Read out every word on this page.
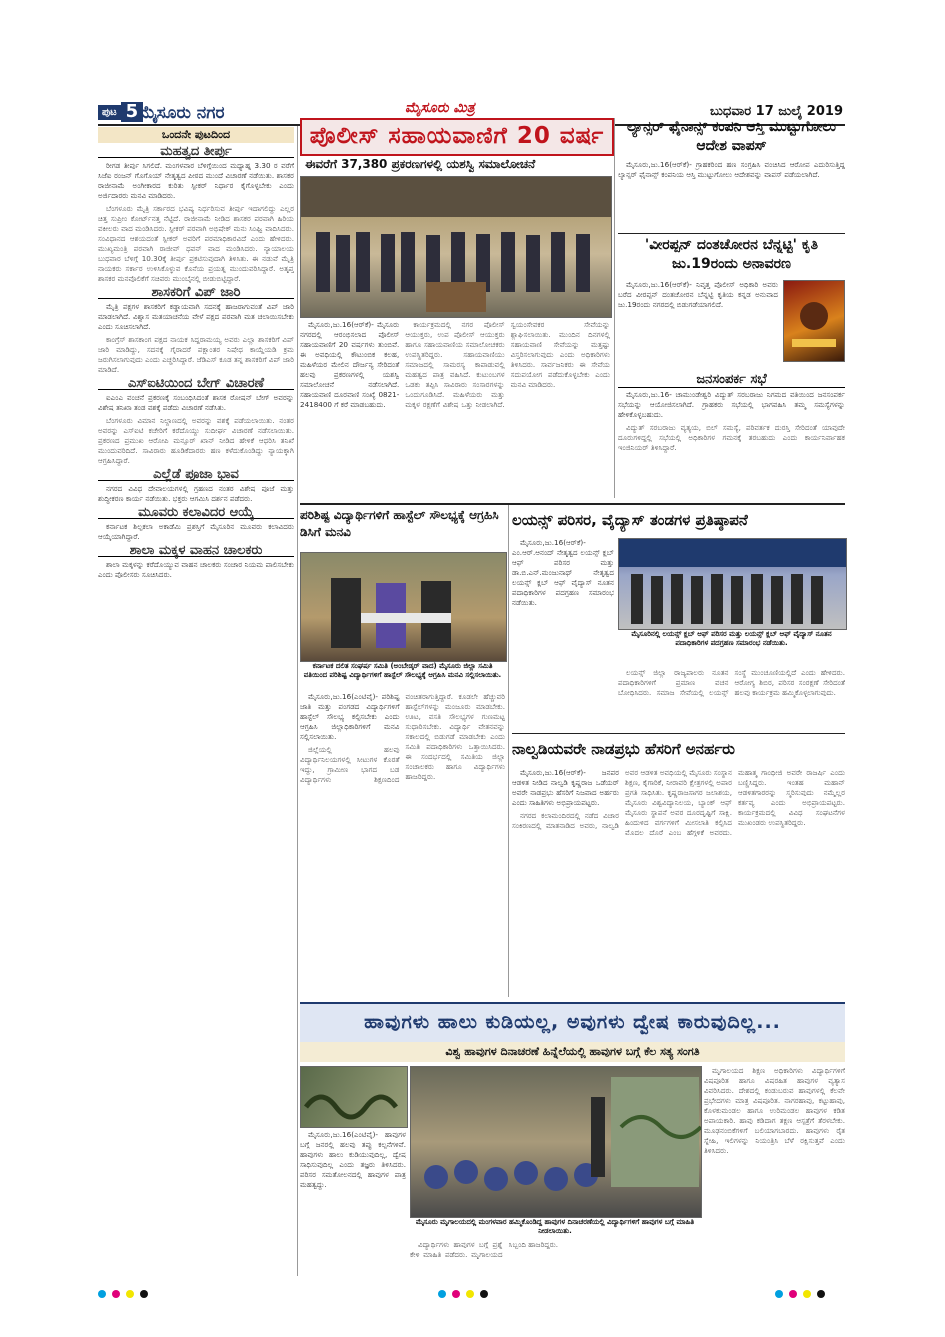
ಪುಟ 5 ಮೈಸೂರು ನಗರ	ಮೈಸೂರು ಮಿತ್ರ	ಬುಧವಾರ 17 ಜುಲೈ 2019
ಒಂದನೇ ಪುಟದಿಂದ
ಮಹತ್ವದ ತೀರ್ಪು

ರೀಗಡ ತೀರ್ಪು ಸಿಗಲಿದೆ. ಮಂಗಳವಾರ ಬೆಳಿಗ್ಗೆಯಿಂದ ಮಧ್ಯಾಹ್ನ 3.30 ರ ವರೆಗೆ ಸಿಜೆಐ ರಂಜನ್ ಗೊಗೊಯ್ ನೇತೃತ್ವದ ಪೀಠದ ಮುಂದೆ ವಿಚಾರಣೆ ನಡೆಯಿತು. ಶಾಸಕರ ರಾಜೀನಾಮೆ ಅಂಗೀಕಾರದ ಕುರಿತು ಸ್ಪೀಕರ್ ನಿರ್ಧಾರ ಕೈಗೊಳ್ಳಬೇಕು ಎಂದು ಅರ್ಜಿದಾರರು ಮನವಿ ಮಾಡಿದರು.

ಬೆಂಗಳೂರು ಮೈತ್ರಿ ಸರ್ಕಾರದ ಭವಿಷ್ಯ ನಿರ್ಧರಿಸುವ ತೀರ್ಪು ಇದಾಗಲಿದ್ದು ಎಲ್ಲರ ಚಿತ್ತ ಸುಪ್ರೀಂ ಕೋರ್ಟ್‌ನತ್ತ ನೆಟ್ಟಿದೆ. ರಾಜೀನಾಮೆ ನೀಡಿದ ಶಾಸಕರ ಪರವಾಗಿ ಹಿರಿಯ ವಕೀಲರು ವಾದ ಮಂಡಿಸಿದರು. ಸ್ಪೀಕರ್ ಪರವಾಗಿ ಅಭಿಷೇಕ್ ಮನು ಸಿಂಘ್ವಿ ವಾದಿಸಿದರು. ಸಂವಿಧಾನದ ಆಶಯದಂತೆ ಸ್ಪೀಕರ್ ಅವರಿಗೆ ಪರಮಾಧಿಕಾರವಿದೆ ಎಂದು ಹೇಳಿದರು. ಮುಖ್ಯಮಂತ್ರಿ ಪರವಾಗಿ ರಾಜೀವ್ ಧವನ್ ವಾದ ಮಂಡಿಸಿದರು. ನ್ಯಾಯಾಲಯ ಬುಧವಾರ ಬೆಳಿಗ್ಗೆ 10.30ಕ್ಕೆ ತೀರ್ಪು ಪ್ರಕಟಿಸುವುದಾಗಿ ತಿಳಿಸಿತು. ಈ ನಡುವೆ ಮೈತ್ರಿ ನಾಯಕರು ಸರ್ಕಾರ ಉಳಿಸಿಕೊಳ್ಳುವ ಕೊನೆಯ ಪ್ರಯತ್ನ ಮುಂದುವರಿಸಿದ್ದಾರೆ. ಅತೃಪ್ತ ಶಾಸಕರ ಮನವೊಲಿಕೆಗೆ ಸಚಿವರು ಮುಂಬೈನಲ್ಲಿ ಬೀಡುಬಿಟ್ಟಿದ್ದಾರೆ.

ಶಾಸಕರಿಗೆ ವಿಪ್ ಜಾರಿ

ಮೈತ್ರಿ ಪಕ್ಷಗಳ ಶಾಸಕರಿಗೆ ಕಡ್ಡಾಯವಾಗಿ ಸದನಕ್ಕೆ ಹಾಜರಾಗುವಂತೆ ವಿಪ್ ಜಾರಿ ಮಾಡಲಾಗಿದೆ. ವಿಶ್ವಾಸ ಮತಯಾಚನೆಯ ವೇಳೆ ಪಕ್ಷದ ಪರವಾಗಿ ಮತ ಚಲಾಯಿಸಬೇಕು ಎಂದು ಸೂಚಿಸಲಾಗಿದೆ.

ಕಾಂಗ್ರೆಸ್ ಶಾಸಕಾಂಗ ಪಕ್ಷದ ನಾಯಕ ಸಿದ್ದರಾಮಯ್ಯ ಅವರು ಎಲ್ಲಾ ಶಾಸಕರಿಗೆ ವಿಪ್ ಜಾರಿ ಮಾಡಿದ್ದು, ಸದನಕ್ಕೆ ಗೈರಾದರೆ ಪಕ್ಷಾಂತರ ನಿಷೇಧ ಕಾಯ್ದೆಯಡಿ ಕ್ರಮ ಜರುಗಿಸಲಾಗುವುದು ಎಂದು ಎಚ್ಚರಿಸಿದ್ದಾರೆ. ಜೆಡಿಎಸ್ ಕೂಡ ತನ್ನ ಶಾಸಕರಿಗೆ ವಿಪ್ ಜಾರಿ ಮಾಡಿದೆ.

ಎಸ್‌ಐಟಿಯಿಂದ ಬೇಗ್ ವಿಚಾರಣೆ

ಐಎಂಎ ವಂಚನೆ ಪ್ರಕರಣಕ್ಕೆ ಸಂಬಂಧಿಸಿದಂತೆ ಶಾಸಕ ರೋಷನ್ ಬೇಗ್ ಅವರನ್ನು ವಿಶೇಷ ತನಿಖಾ ತಂಡ ವಶಕ್ಕೆ ಪಡೆದು ವಿಚಾರಣೆ ನಡೆಸಿತು.

ಬೆಂಗಳೂರು ವಿಮಾನ ನಿಲ್ದಾಣದಲ್ಲಿ ಅವರನ್ನು ವಶಕ್ಕೆ ಪಡೆಯಲಾಯಿತು. ನಂತರ ಅವರನ್ನು ಎಸ್‌ಐಟಿ ಕಚೇರಿಗೆ ಕರೆದೊಯ್ದು ಸುದೀರ್ಘ ವಿಚಾರಣೆ ನಡೆಸಲಾಯಿತು. ಪ್ರಕರಣದ ಪ್ರಮುಖ ಆರೋಪಿ ಮನ್ಸೂರ್ ಖಾನ್ ನೀಡಿದ ಹೇಳಿಕೆ ಆಧರಿಸಿ ತನಿಖೆ ಮುಂದುವರಿದಿದೆ. ಸಾವಿರಾರು ಹೂಡಿಕೆದಾರರು ಹಣ ಕಳೆದುಕೊಂಡಿದ್ದು ನ್ಯಾಯಕ್ಕಾಗಿ ಆಗ್ರಹಿಸಿದ್ದಾರೆ.

ಎಲ್ಲೆಡೆ ಪೂಜಾ ಭಾವ

ನಗರದ ವಿವಿಧ ದೇವಾಲಯಗಳಲ್ಲಿ ಗ್ರಹಣದ ನಂತರ ವಿಶೇಷ ಪೂಜೆ ಮತ್ತು ಶುದ್ಧೀಕರಣ ಕಾರ್ಯ ನಡೆಯಿತು. ಭಕ್ತರು ಆಗಮಿಸಿ ದರ್ಶನ ಪಡೆದರು.

ಮೂವರು ಕಲಾವಿದರ ಆಯ್ಕೆ

ಕರ್ನಾಟಕ ಶಿಲ್ಪಕಲಾ ಅಕಾಡೆಮಿ ಪ್ರಶಸ್ತಿಗೆ ಮೈಸೂರಿನ ಮೂವರು ಕಲಾವಿದರು ಆಯ್ಕೆಯಾಗಿದ್ದಾರೆ.

ಶಾಲಾ ಮಕ್ಕಳ ವಾಹನ ಚಾಲಕರು

ಶಾಲಾ ಮಕ್ಕಳನ್ನು ಕರೆದೊಯ್ಯುವ ವಾಹನ ಚಾಲಕರು ಸಂಚಾರ ನಿಯಮ ಪಾಲಿಸಬೇಕು ಎಂದು ಪೊಲೀಸರು ಸೂಚಿಸಿದರು.

ಪೊಲೀಸ್ ಸಹಾಯವಾಣಿಗೆ 20 ವರ್ಷ
ಈವರೆಗೆ 37,380 ಪ್ರಕರಣಗಳಲ್ಲಿ ಯಶಸ್ವಿ ಸಮಾಲೋಚನೆ

ಮೈಸೂರು,ಜು.16(ಆರ್‌ಕೆ)- ಮೈಸೂರು ನಗರದಲ್ಲಿ ಆರಂಭಿಸಲಾದ ಪೊಲೀಸ್ ಸಹಾಯವಾಣಿಗೆ 20 ವರ್ಷಗಳು ತುಂಬಿವೆ. ಈ ಅವಧಿಯಲ್ಲಿ ಕೌಟುಂಬಿಕ ಕಲಹ, ಮಹಿಳೆಯರ ಮೇಲಿನ ದೌರ್ಜನ್ಯ ಸೇರಿದಂತೆ ಹಲವು ಪ್ರಕರಣಗಳಲ್ಲಿ ಯಶಸ್ವಿ ಸಮಾಲೋಚನೆ ನಡೆಸಲಾಗಿದೆ. ಸಹಾಯವಾಣಿ ದೂರವಾಣಿ ಸಂಖ್ಯೆ 0821-2418400 ಗೆ ಕರೆ ಮಾಡಬಹುದು.

ಕಾರ್ಯಕ್ರಮದಲ್ಲಿ ನಗರ ಪೊಲೀಸ್ ಆಯುಕ್ತರು, ಉಪ ಪೊಲೀಸ್ ಆಯುಕ್ತರು ಹಾಗೂ ಸಹಾಯವಾಣಿಯ ಸಮಾಲೋಚಕರು ಉಪಸ್ಥಿತರಿದ್ದರು. ಸಹಾಯವಾಣಿಯು ಸಮಾಜದಲ್ಲಿ ಸಾಮರಸ್ಯ ಕಾಪಾಡುವಲ್ಲಿ ಮಹತ್ವದ ಪಾತ್ರ ವಹಿಸಿದೆ. ಕುಟುಂಬಗಳ ಒಡಕು ತಪ್ಪಿಸಿ ಸಾವಿರಾರು ಸಂಸಾರಗಳನ್ನು ಒಂದುಗೂಡಿಸಿದೆ. ಮಹಿಳೆಯರು ಮತ್ತು ಮಕ್ಕಳ ರಕ್ಷಣೆಗೆ ವಿಶೇಷ ಒತ್ತು ನೀಡಲಾಗಿದೆ. ಸ್ವಯಂಸೇವಕರ ಸೇವೆಯನ್ನು ಶ್ಲಾಘಿಸಲಾಯಿತು. ಮುಂದಿನ ದಿನಗಳಲ್ಲಿ ಸಹಾಯವಾಣಿ ಸೇವೆಯನ್ನು ಮತ್ತಷ್ಟು ವಿಸ್ತರಿಸಲಾಗುವುದು ಎಂದು ಅಧಿಕಾರಿಗಳು ತಿಳಿಸಿದರು. ಸಾರ್ವಜನಿಕರು ಈ ಸೇವೆಯ ಸದುಪಯೋಗ ಪಡೆದುಕೊಳ್ಳಬೇಕು ಎಂದು ಮನವಿ ಮಾಡಿದರು.

ಲ್ಯಾನ್ಸರ್ ಫೈನಾನ್ಸ್ ಕಂಪನಿ ಆಸ್ತಿ ಮುಟ್ಟುಗೋಲು ಆದೇಶ ವಾಪಸ್

ಮೈಸೂರು,ಜು.16(ಆರ್‌ಕೆ)- ಗ್ರಾಹಕರಿಂದ ಹಣ ಸಂಗ್ರಹಿಸಿ ವಂಚಿಸಿದ ಆರೋಪ ಎದುರಿಸುತ್ತಿದ್ದ ಲ್ಯಾನ್ಸರ್ ಫೈನಾನ್ಸ್ ಕಂಪನಿಯ ಆಸ್ತಿ ಮುಟ್ಟುಗೋಲು ಆದೇಶವನ್ನು ವಾಪಸ್ ಪಡೆಯಲಾಗಿದೆ.

'ವೀರಪ್ಪನ್ ದಂತಚೋರನ ಬೆನ್ನಟ್ಟಿ' ಕೃತಿ ಜು.19ರಂದು ಅನಾವರಣ

ಮೈಸೂರು,ಜು.16(ಆರ್‌ಕೆ)- ನಿವೃತ್ತ ಪೊಲೀಸ್ ಅಧಿಕಾರಿ ಅವರು ಬರೆದ ವೀರಪ್ಪನ್ ದಂತಚೋರನ ಬೆನ್ನಟ್ಟಿ ಕೃತಿಯ ಕನ್ನಡ ಅನುವಾದ ಜು.19ರಂದು ನಗರದಲ್ಲಿ ಬಿಡುಗಡೆಯಾಗಲಿದೆ.

ಜನಸಂಪರ್ಕ ಸಭೆ

ಮೈಸೂರು,ಜು.16- ಚಾಮುಂಡೇಶ್ವರಿ ವಿದ್ಯುತ್ ಸರಬರಾಜು ನಿಗಮದ ವತಿಯಿಂದ ಜನಸಂಪರ್ಕ ಸಭೆಯನ್ನು ಆಯೋಜಿಸಲಾಗಿದೆ. ಗ್ರಾಹಕರು ಸಭೆಯಲ್ಲಿ ಭಾಗವಹಿಸಿ ತಮ್ಮ ಸಮಸ್ಯೆಗಳನ್ನು ಹೇಳಿಕೊಳ್ಳಬಹುದು.

ವಿದ್ಯುತ್ ಸರಬರಾಜು ವ್ಯತ್ಯಯ, ಬಿಲ್ ಸಮಸ್ಯೆ, ಪರಿವರ್ತಕ ದುರಸ್ತಿ ಸೇರಿದಂತೆ ಯಾವುದೇ ದೂರುಗಳಿದ್ದಲ್ಲಿ ಸಭೆಯಲ್ಲಿ ಅಧಿಕಾರಿಗಳ ಗಮನಕ್ಕೆ ತರಬಹುದು ಎಂದು ಕಾರ್ಯನಿರ್ವಾಹಕ ಇಂಜಿನಿಯರ್ ತಿಳಿಸಿದ್ದಾರೆ.

ಪರಿಶಿಷ್ಟ ವಿದ್ಯಾರ್ಥಿಗಳಿಗೆ ಹಾಸ್ಟೆಲ್ ಸೌಲಭ್ಯಕ್ಕೆ ಆಗ್ರಹಿಸಿ ಡಿಸಿಗೆ ಮನವಿ
ಕರ್ನಾಟಕ ದಲಿತ ಸಂಘರ್ಷ ಸಮಿತಿ (ಅಂಬೇಡ್ಕರ್ ವಾದ) ಮೈಸೂರು ಜಿಲ್ಲಾ ಸಮಿತಿ ವತಿಯಿಂದ ಪರಿಶಿಷ್ಟ ವಿದ್ಯಾರ್ಥಿಗಳಿಗೆ ಹಾಸ್ಟೆಲ್ ಸೌಲಭ್ಯಕ್ಕೆ ಆಗ್ರಹಿಸಿ ಮನವಿ ಸಲ್ಲಿಸಲಾಯಿತು.

ಮೈಸೂರು,ಜು.16(ಎಂಟಿವೈ)- ಪರಿಶಿಷ್ಟ ಜಾತಿ ಮತ್ತು ಪಂಗಡದ ವಿದ್ಯಾರ್ಥಿಗಳಿಗೆ ಹಾಸ್ಟೆಲ್ ಸೌಲಭ್ಯ ಕಲ್ಪಿಸಬೇಕು ಎಂದು ಆಗ್ರಹಿಸಿ ಜಿಲ್ಲಾಧಿಕಾರಿಗಳಿಗೆ ಮನವಿ ಸಲ್ಲಿಸಲಾಯಿತು.

ಜಿಲ್ಲೆಯಲ್ಲಿ ಹಲವು ವಿದ್ಯಾರ್ಥಿನಿಲಯಗಳಲ್ಲಿ ಸೀಟುಗಳ ಕೊರತೆ ಇದ್ದು, ಗ್ರಾಮೀಣ ಭಾಗದ ಬಡ ವಿದ್ಯಾರ್ಥಿಗಳು ಶಿಕ್ಷಣದಿಂದ ವಂಚಿತರಾಗುತ್ತಿದ್ದಾರೆ. ಕೂಡಲೇ ಹೆಚ್ಚುವರಿ ಹಾಸ್ಟೆಲ್‌ಗಳನ್ನು ಮಂಜೂರು ಮಾಡಬೇಕು. ಊಟ, ವಸತಿ ಸೌಲಭ್ಯಗಳ ಗುಣಮಟ್ಟ ಸುಧಾರಿಸಬೇಕು. ವಿದ್ಯಾರ್ಥಿ ವೇತನವನ್ನು ಸಕಾಲದಲ್ಲಿ ಬಿಡುಗಡೆ ಮಾಡಬೇಕು ಎಂದು ಸಮಿತಿ ಪದಾಧಿಕಾರಿಗಳು ಒತ್ತಾಯಿಸಿದರು. ಈ ಸಂದರ್ಭದಲ್ಲಿ ಸಮಿತಿಯ ಜಿಲ್ಲಾ ಸಂಚಾಲಕರು ಹಾಗೂ ವಿದ್ಯಾರ್ಥಿಗಳು ಹಾಜರಿದ್ದರು.

ಲಯನ್ಸ್ ಪರಿಸರ, ವೈದ್ಯಾಸ್ ತಂಡಗಳ ಪ್ರತಿಷ್ಠಾಪನೆ
ಮೈಸೂರಿನಲ್ಲಿ ಲಯನ್ಸ್ ಕ್ಲಬ್ ಆಫ್ ಪರಿಸರ ಮತ್ತು ಲಯನ್ಸ್ ಕ್ಲಬ್ ಆಫ್ ವೈದ್ಯಾಸ್ ನೂತನ ಪದಾಧಿಕಾರಿಗಳ ಪದಗ್ರಹಣ ಸಮಾರಂಭ ನಡೆಯಿತು.

ಮೈಸೂರು,ಜು.16(ಆರ್‌ಕೆ)- ಎಂ.ಆರ್.ಆನಂದ್ ನೇತೃತ್ವದ ಲಯನ್ಸ್ ಕ್ಲಬ್ ಆಫ್ ಪರಿಸರ ಮತ್ತು ಡಾ.ಬಿ.ಎನ್.ಮಂಜುನಾಥ್ ನೇತೃತ್ವದ ಲಯನ್ಸ್ ಕ್ಲಬ್ ಆಫ್ ವೈದ್ಯಾಸ್ ನೂತನ ಪದಾಧಿಕಾರಿಗಳ ಪದಗ್ರಹಣ ಸಮಾರಂಭ ನಡೆಯಿತು.

ಲಯನ್ಸ್ ಜಿಲ್ಲಾ ರಾಜ್ಯಪಾಲರು ನೂತನ ಪದಾಧಿಕಾರಿಗಳಿಗೆ ಪ್ರಮಾಣ ವಚನ ಬೋಧಿಸಿದರು. ಸಮಾಜ ಸೇವೆಯಲ್ಲಿ ಲಯನ್ಸ್ ಸಂಸ್ಥೆ ಮುಂಚೂಣಿಯಲ್ಲಿದೆ ಎಂದು ಹೇಳಿದರು. ಆರೋಗ್ಯ ಶಿಬಿರ, ಪರಿಸರ ಸಂರಕ್ಷಣೆ ಸೇರಿದಂತೆ ಹಲವು ಕಾರ್ಯಕ್ರಮ ಹಮ್ಮಿಕೊಳ್ಳಲಾಗುವುದು.

ನಾಲ್ವಡಿಯವರೇ ನಾಡಪ್ರಭು ಹೆಸರಿಗೆ ಅನರ್ಹರು

ಮೈಸೂರು,ಜು.16(ಆರ್‌ಕೆ)- ಜನಪರ ಆಡಳಿತ ನೀಡಿದ ನಾಲ್ವಡಿ ಕೃಷ್ಣರಾಜ ಒಡೆಯರ್ ಅವರೇ ನಾಡಪ್ರಭು ಹೆಸರಿಗೆ ನಿಜವಾದ ಅರ್ಹರು ಎಂದು ಸಾಹಿತಿಗಳು ಅಭಿಪ್ರಾಯಪಟ್ಟರು.

ನಗರದ ಕಲಾಮಂದಿರದಲ್ಲಿ ನಡೆದ ವಿಚಾರ ಸಂಕಿರಣದಲ್ಲಿ ಮಾತನಾಡಿದ ಅವರು, ನಾಲ್ವಡಿ ಅವರ ಆಡಳಿತ ಅವಧಿಯಲ್ಲಿ ಮೈಸೂರು ಸಂಸ್ಥಾನ ಶಿಕ್ಷಣ, ಕೈಗಾರಿಕೆ, ನೀರಾವರಿ ಕ್ಷೇತ್ರಗಳಲ್ಲಿ ಅಪಾರ ಪ್ರಗತಿ ಸಾಧಿಸಿತು. ಕೃಷ್ಣರಾಜಸಾಗರ ಜಲಾಶಯ, ಮೈಸೂರು ವಿಶ್ವವಿದ್ಯಾನಿಲಯ, ಬ್ಯಾಂಕ್ ಆಫ್ ಮೈಸೂರು ಸ್ಥಾಪನೆ ಅವರ ದೂರದೃಷ್ಟಿಗೆ ಸಾಕ್ಷಿ. ಹಿಂದುಳಿದ ವರ್ಗಗಳಿಗೆ ಮೀಸಲಾತಿ ಕಲ್ಪಿಸಿದ ಮೊದಲ ದೊರೆ ಎಂಬ ಹೆಗ್ಗಳಿಕೆ ಅವರದು. ಮಹಾತ್ಮ ಗಾಂಧೀಜಿ ಅವರೇ ರಾಜರ್ಷಿ ಎಂದು ಬಣ್ಣಿಸಿದ್ದರು. ಇಂತಹ ಮಹಾನ್ ಆಡಳಿತಗಾರರನ್ನು ಸ್ಮರಿಸುವುದು ನಮ್ಮೆಲ್ಲರ ಕರ್ತವ್ಯ ಎಂದು ಅಭಿಪ್ರಾಯಪಟ್ಟರು. ಕಾರ್ಯಕ್ರಮದಲ್ಲಿ ವಿವಿಧ ಸಂಘಟನೆಗಳ ಮುಖಂಡರು ಉಪಸ್ಥಿತರಿದ್ದರು.

ಹಾವುಗಳು ಹಾಲು ಕುಡಿಯಲ್ಲ, ಅವುಗಳು ದ್ವೇಷ ಕಾರುವುದಿಲ್ಲ...
ವಿಶ್ವ ಹಾವುಗಳ ದಿನಾಚರಣೆ ಹಿನ್ನೆಲೆಯಲ್ಲಿ ಹಾವುಗಳ ಬಗ್ಗೆ ಕೆಲ ಸತ್ಯ ಸಂಗತಿ
ಮೈಸೂರು ಮೃಗಾಲಯದಲ್ಲಿ ಮಂಗಳವಾರ ಹಮ್ಮಿಕೊಂಡಿದ್ದ ಹಾವುಗಳ ದಿನಾಚರಣೆಯಲ್ಲಿ ವಿದ್ಯಾರ್ಥಿಗಳಿಗೆ ಹಾವುಗಳ ಬಗ್ಗೆ ಮಾಹಿತಿ ನೀಡಲಾಯಿತು.

ಮೈಸೂರು,ಜು.16(ಎಂಟಿವೈ)- ಹಾವುಗಳ ಬಗ್ಗೆ ಜನರಲ್ಲಿ ಹಲವು ತಪ್ಪು ಕಲ್ಪನೆಗಳಿವೆ. ಹಾವುಗಳು ಹಾಲು ಕುಡಿಯುವುದಿಲ್ಲ, ದ್ವೇಷ ಸಾಧಿಸುವುದಿಲ್ಲ ಎಂದು ತಜ್ಞರು ತಿಳಿಸಿದರು. ಪರಿಸರ ಸಮತೋಲನದಲ್ಲಿ ಹಾವುಗಳ ಪಾತ್ರ ಮಹತ್ವದ್ದು.

ಮೃಗಾಲಯದ ಶಿಕ್ಷಣ ಅಧಿಕಾರಿಗಳು ವಿದ್ಯಾರ್ಥಿಗಳಿಗೆ ವಿಷಪೂರಿತ ಹಾಗೂ ವಿಷರಹಿತ ಹಾವುಗಳ ವ್ಯತ್ಯಾಸ ವಿವರಿಸಿದರು. ದೇಶದಲ್ಲಿ ಕಂಡುಬರುವ ಹಾವುಗಳಲ್ಲಿ ಕೆಲವೇ ಪ್ರಭೇದಗಳು ಮಾತ್ರ ವಿಷಪೂರಿತ. ನಾಗರಹಾವು, ಕಟ್ಟುಹಾವು, ಕೊಳಕುಮಂಡಲ ಹಾಗೂ ಉರಿಮಂಡಲ ಹಾವುಗಳ ಕಡಿತ ಅಪಾಯಕಾರಿ. ಹಾವು ಕಡಿದಾಗ ತಕ್ಷಣ ಆಸ್ಪತ್ರೆಗೆ ತೆರಳಬೇಕು. ಮೂಢನಂಬಿಕೆಗಳಿಗೆ ಬಲಿಯಾಗಬಾರದು. ಹಾವುಗಳು ರೈತ ಸ್ನೇಹಿ, ಇಲಿಗಳನ್ನು ನಿಯಂತ್ರಿಸಿ ಬೆಳೆ ರಕ್ಷಿಸುತ್ತವೆ ಎಂದು ತಿಳಿಸಿದರು.

ವಿದ್ಯಾರ್ಥಿಗಳು ಹಾವುಗಳ ಬಗ್ಗೆ ಪ್ರಶ್ನೆ ಕೇಳಿ ಮಾಹಿತಿ ಪಡೆದರು. ಮೃಗಾಲಯದ ಸಿಬ್ಬಂದಿ ಹಾಜರಿದ್ದರು.
